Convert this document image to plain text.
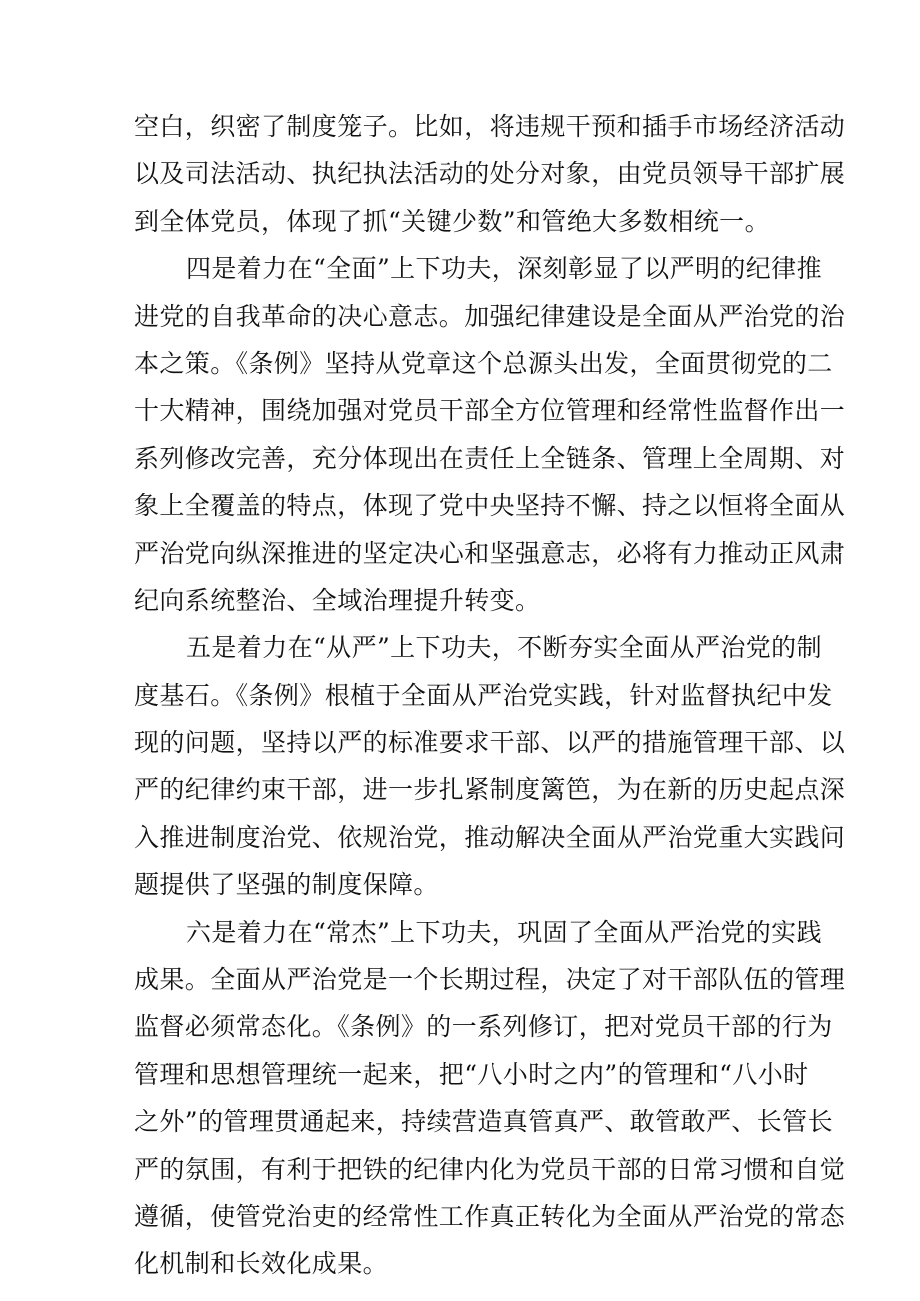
空白，织密了制度笼子。比如，将违规干预和插手市场经济活动
以及司法活动、执纪执法活动的处分对象，由党员领导干部扩展
到全体党员，体现了抓“关键少数”和管绝大多数相统一。
四是着力在“全面”上下功夫，深刻彰显了以严明的纪律推
进党的自我革命的决心意志。加强纪律建设是全面从严治党的治
本之策。《条例》坚持从党章这个总源头出发，全面贯彻党的二
十大精神，围绕加强对党员干部全方位管理和经常性监督作出一
系列修改完善，充分体现出在责任上全链条、管理上全周期、对
象上全覆盖的特点，体现了党中央坚持不懈、持之以恒将全面从
严治党向纵深推进的坚定决心和坚强意志，必将有力推动正风肃
纪向系统整治、全域治理提升转变。
五是着力在“从严”上下功夫，不断夯实全面从严治党的制
度基石。《条例》根植于全面从严治党实践，针对监督执纪中发
现的问题，坚持以严的标准要求干部、以严的措施管理干部、以
严的纪律约束干部，进一步扎紧制度篱笆，为在新的历史起点深
入推进制度治党、依规治党，推动解决全面从严治党重大实践问
题提供了坚强的制度保障。
六是着力在“常杰”上下功夫，巩固了全面从严治党的实践
成果。全面从严治党是一个长期过程，决定了对干部队伍的管理
监督必须常态化。《条例》的一系列修订，把对党员干部的行为
管理和思想管理统一起来，把“八小时之内”的管理和“八小时
之外”的管理贯通起来，持续营造真管真严、敢管敢严、长管长
严的氛围，有利于把铁的纪律内化为党员干部的日常习惯和自觉
遵循，使管党治吏的经常性工作真正转化为全面从严治党的常态
化机制和长效化成果。
